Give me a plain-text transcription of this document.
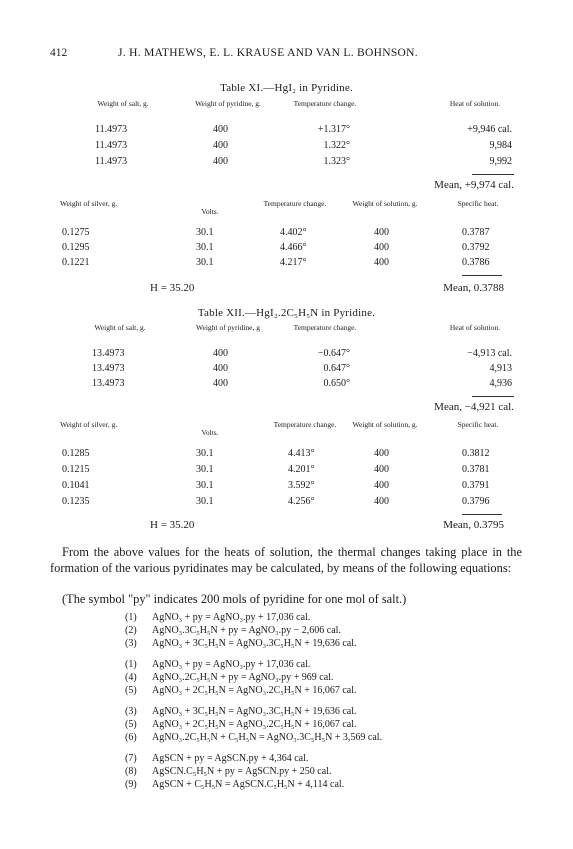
412	J. H. MATHEWS, E. L. KRAUSE AND VAN L. BOHNSON.
Table XI.—HgI₂ in Pyridine.
Weight of salt, g.	Weight of pyridine, g.	Temperature change.	Heat of solution.
11.4973	400	+1.317°	+9,946 cal.
11.4973	400	1.322°	9,984
11.4973	400	1.323°	9,992
Mean, +9,974 cal.
Weight of silver, g.
Volts.
Temperature change.	Weight of solution, g.	Specific heat.
0.1275	30.1	4.402°	400	0.3787
0.1295	30.1	4.466°	400	0.3792
0.1221	30.1	4.217°	400	0.3786
H = 35.20	Mean, 0.3788
Table XII.—HgI₂.2C₅H₅N in Pyridine.
Weight of salt, g.	Weight of pyridine, g	Temperature change.	Heat of solution.
13.4973	400	−0.647°	−4,913 cal.
13.4973	400	0.647°	4,913
13.4973	400	0.650°	4,936
Mean, −4,921 cal.
Weight of silver, g.
Volts.
Temperature change.	Weight of solution, g.	Specific heat.
0.1285	30.1	4.413°	400	0.3812
0.1215	30.1	4.201°	400	0.3781
0.1041	30.1	3.592°	400	0.3791
0.1235	30.1	4.256°	400	0.3796
H = 35.20	Mean, 0.3795
From the above values for the heats of solution, the thermal changes taking place in the formation of the various pyridinates may be calculated, by means of the following equations:
(The symbol "py" indicates 200 mols of pyridine for one mol of salt.)
(1) AgNO₃ + py = AgNO₃.py + 17,036 cal.
(2) AgNO₃.3C₅H₅N + py = AgNO₃.py − 2,606 cal.
(3) AgNO₃ + 3C₅H₅N = AgNO₃.3C₅H₅N + 19,636 cal.
(1) AgNO₃ + py = AgNO₃.py + 17,036 cal.
(4) AgNO₃.2C₅H₅N + py = AgNO₃.py + 969 cal.
(5) AgNO₃ + 2C₅H₅N = AgNO₃.2C₅H₅N + 16,067 cal.
(3) AgNO₃ + 3C₅H₅N = AgNO₃.3C₅H₅N + 19,636 cal.
(5) AgNO₃ + 2C₅H₅N = AgNO₃.2C₅H₅N + 16,067 cal.
(6) AgNO₃.2C₅H₅N + C₅H₅N = AgNO₃.3C₅H₅N + 3,569 cal.
(7) AgSCN + py = AgSCN.py + 4,364 cal.
(8) AgSCN.C₅H₅N + py = AgSCN.py + 250 cal.
(9) AgSCN + C₅H₅N = AgSCN.C₅H₅N + 4,114 cal.
